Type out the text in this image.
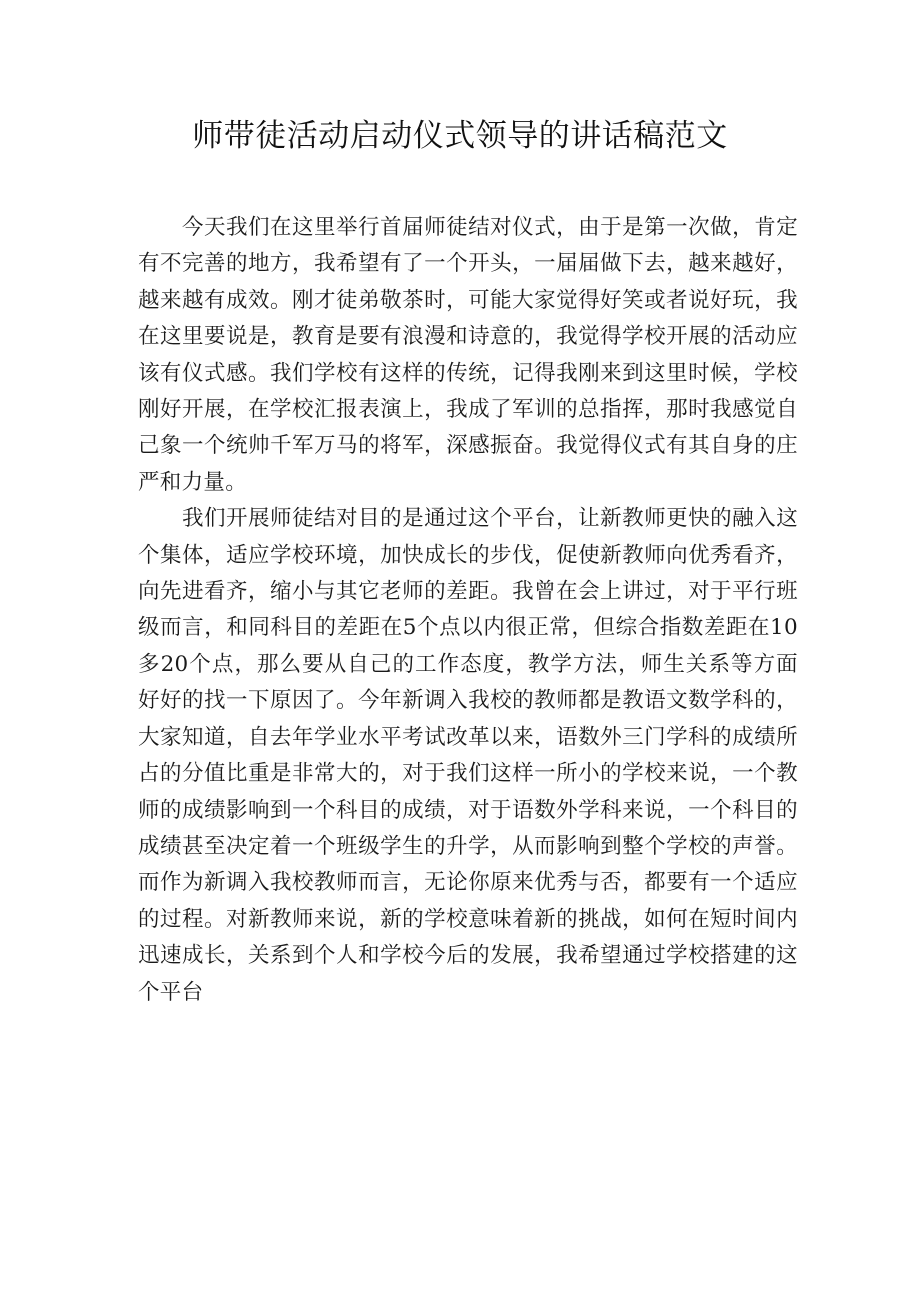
师带徒活动启动仪式领导的讲话稿范文

今天我们在这里举行首届师徒结对仪式，由于是第一次做，肯定有不完善的地方，我希望有了一个开头，一届届做下去，越来越好，越来越有成效。刚才徒弟敬茶时，可能大家觉得好笑或者说好玩，我在这里要说是，教育是要有浪漫和诗意的，我觉得学校开展的活动应该有仪式感。我们学校有这样的传统，记得我刚来到这里时候，学校刚好开展，在学校汇报表演上，我成了军训的总指挥，那时我感觉自己象一个统帅千军万马的将军，深感振奋。我觉得仪式有其自身的庄严和力量。

我们开展师徒结对目的是通过这个平台，让新教师更快的融入这个集体，适应学校环境，加快成长的步伐，促使新教师向优秀看齐，向先进看齐，缩小与其它老师的差距。我曾在会上讲过，对于平行班级而言，和同科目的差距在5个点以内很正常，但综合指数差距在10多20个点，那么要从自己的工作态度，教学方法，师生关系等方面好好的找一下原因了。今年新调入我校的教师都是教语文数学科的，大家知道，自去年学业水平考试改革以来，语数外三门学科的成绩所占的分值比重是非常大的，对于我们这样一所小的学校来说，一个教师的成绩影响到一个科目的成绩，对于语数外学科来说，一个科目的成绩甚至决定着一个班级学生的升学，从而影响到整个学校的声誉。而作为新调入我校教师而言，无论你原来优秀与否，都要有一个适应的过程。对新教师来说，新的学校意味着新的挑战，如何在短时间内迅速成长，关系到个人和学校今后的发展，我希望通过学校搭建的这个平台
